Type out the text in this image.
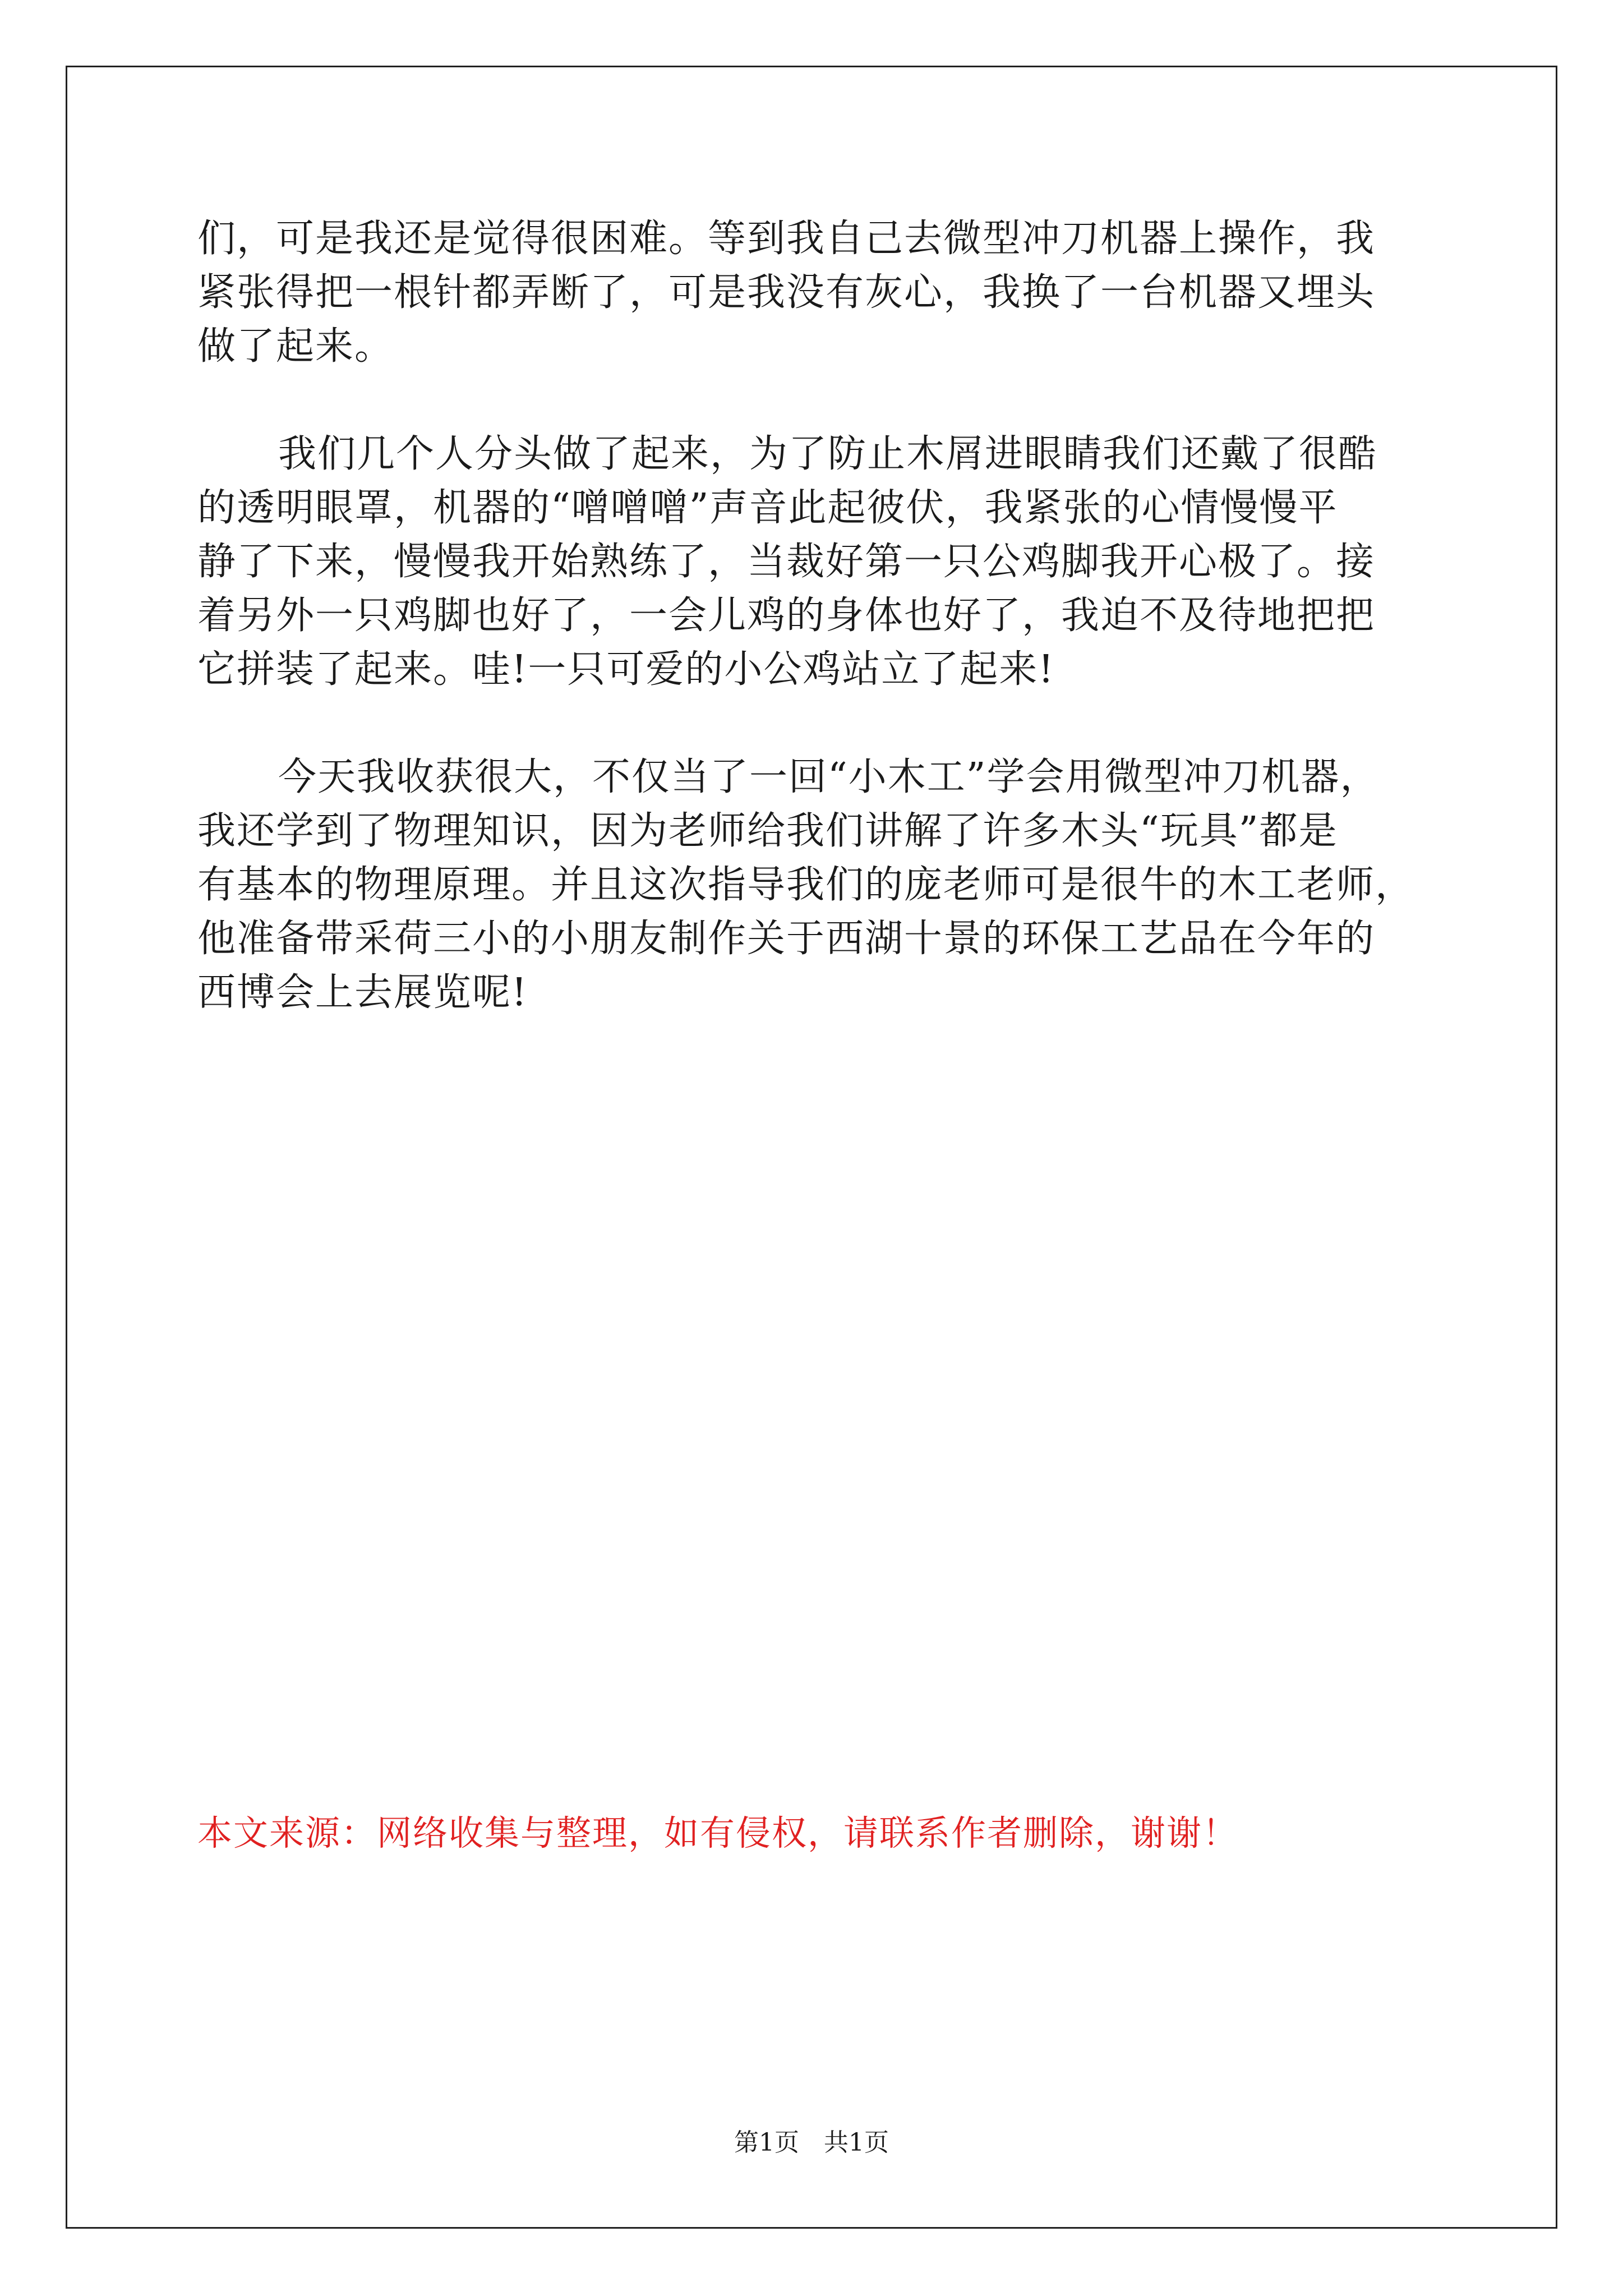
们，可是我还是觉得很困难。等到我自己去微型冲刀机器上操作，我
紧张得把一根针都弄断了，可是我没有灰心，我换了一台机器又埋头
做了起来。
我们几个人分头做了起来，为了防止木屑进眼睛我们还戴了很酷
的透明眼罩，机器的“噌噌噌”声音此起彼伏，我紧张的心情慢慢平
静了下来，慢慢我开始熟练了，当裁好第一只公鸡脚我开心极了。接
着另外一只鸡脚也好了，一会儿鸡的身体也好了，我迫不及待地把把
它拼装了起来。哇!一只可爱的小公鸡站立了起来!
今天我收获很大，不仅当了一回“小木工”学会用微型冲刀机器，
我还学到了物理知识，因为老师给我们讲解了许多木头“玩具”都是
有基本的物理原理。并且这次指导我们的庞老师可是很牛的木工老师，
他准备带采荷三小的小朋友制作关于西湖十景的环保工艺品在今年的
西博会上去展览呢!
本文来源：网络收集与整理，如有侵权，请联系作者删除，谢谢！
第1页　共1页
